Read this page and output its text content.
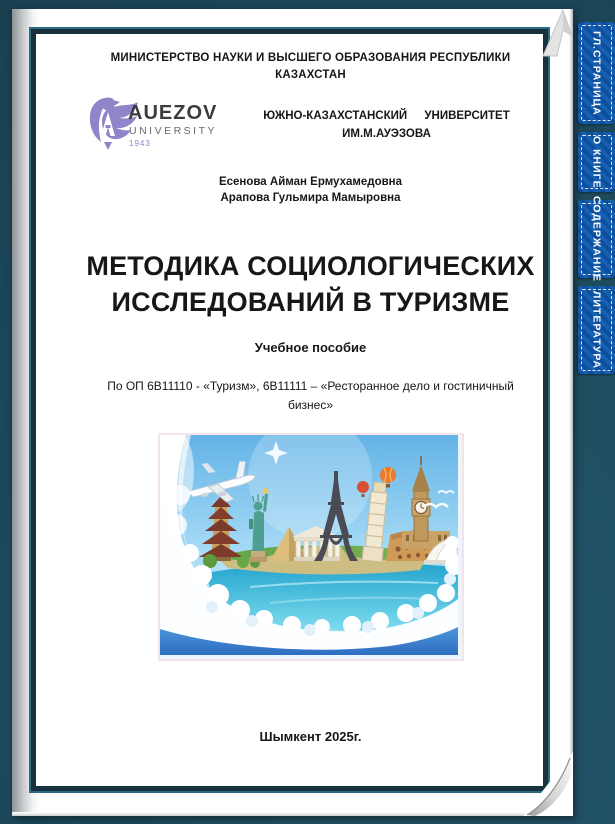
МИНИСТЕРСТВО НАУКИ И ВЫСШЕГО ОБРАЗОВАНИЯ РЕСПУБЛИКИ
КАЗАХСТАН
AUEZOV
UNIVERSITY
1943
ЮЖНО-КАЗАХСТАНСКИЙ УНИВЕРСИТЕТ
ИМ.М.АУЭЗОВА
Есенова Айман Ермухамедовна
Арапова Гульмира Мамыровна
МЕТОДИКА СОЦИОЛОГИЧЕСКИХ
ИССЛЕДОВАНИЙ В ТУРИЗМЕ
Учебное пособие
По ОП 6В11110 - «Туризм», 6В11111 – «Ресторанное дело и гостиничный
бизнес»
Шымкент 2025г.
ГЛ.СТРАНИЦА
О КНИГЕ
СОДЕРЖАНИЕ
ЛИТЕРАТУРА
